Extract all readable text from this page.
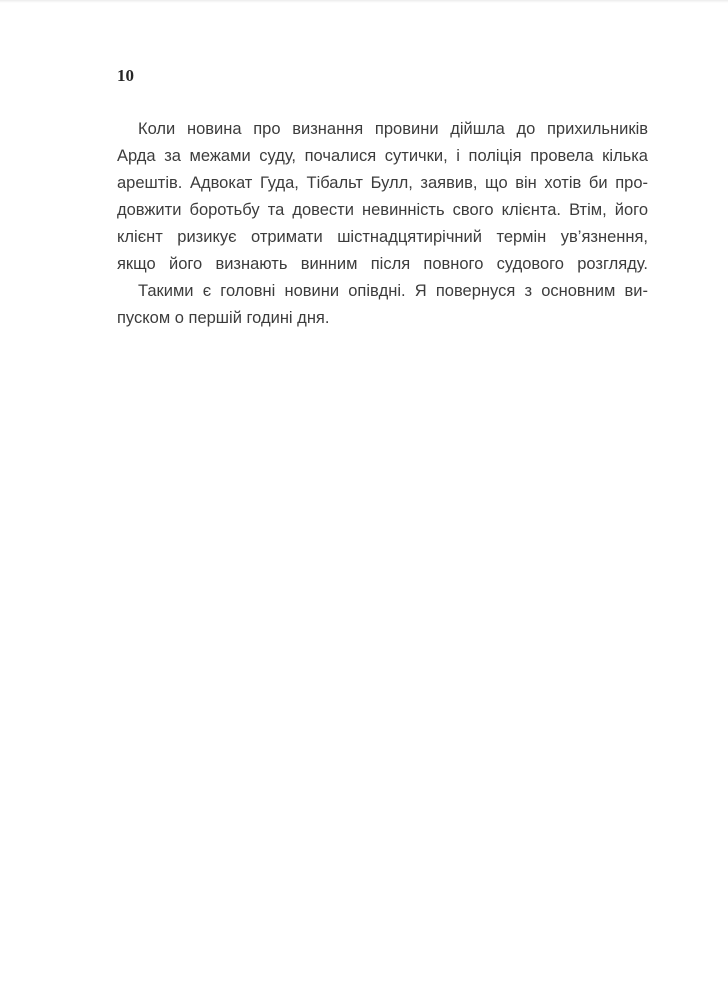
10
Коли новина про визнання провини дійшла до прихильників
Арда за межами суду, почалися сутички, і поліція провела кілька
арештів. Адвокат Гуда, Тібальт Булл, заявив, що він хотів би про-
довжити боротьбу та довести невинність свого клієнта. Втім, його
клієнт ризикує отримати шістнадцятирічний термін ув’язнення,
якщо його визнають винним після повного судового розгляду.
Такими є головні новини опівдні. Я повернуся з основним ви-
пуском о першій годині дня.
